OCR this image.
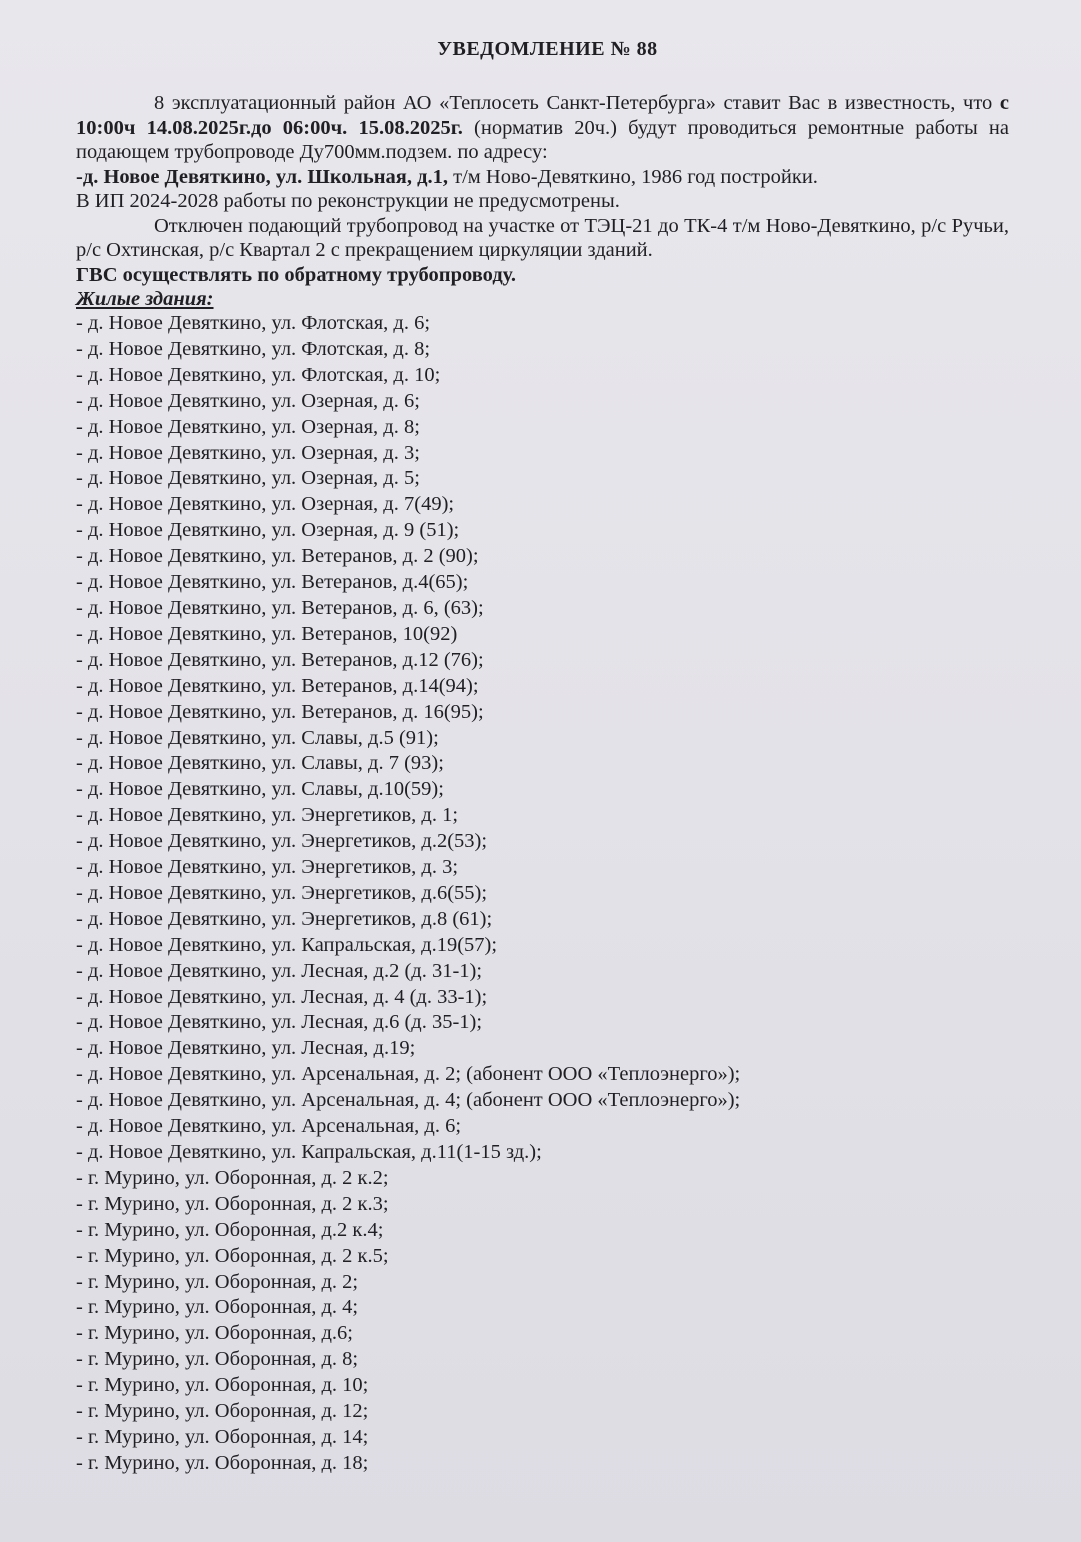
УВЕДОМЛЕНИЕ № 88

8 эксплуатационный район АО «Теплосеть Санкт-Петербурга» ставит Вас в известность, что с 10:00ч 14.08.2025г.до 06:00ч. 15.08.2025г. (норматив 20ч.) будут проводиться ремонтные работы на подающем трубопроводе Ду700мм.подзем. по адресу:
-д. Новое Девяткино, ул. Школьная, д.1, т/м Ново-Девяткино, 1986 год постройки.

В ИП 2024-2028 работы по реконструкции не предусмотрены.

Отключен подающий трубопровод на участке от ТЭЦ-21 до ТК-4 т/м Ново-Девяткино, р/с Ручьи, р/с Охтинская, р/с Квартал 2 с прекращением циркуляции зданий.

ГВС осуществлять по обратному трубопроводу.

Жилые здания:

- д. Новое Девяткино, ул. Флотская, д. 6;
- д. Новое Девяткино, ул. Флотская, д. 8;
- д. Новое Девяткино, ул. Флотская, д. 10;
- д. Новое Девяткино, ул. Озерная, д. 6;
- д. Новое Девяткино, ул. Озерная, д. 8;
- д. Новое Девяткино, ул. Озерная, д. 3;
- д. Новое Девяткино, ул. Озерная, д. 5;
- д. Новое Девяткино, ул. Озерная, д. 7(49);
- д. Новое Девяткино, ул. Озерная, д. 9 (51);
- д. Новое Девяткино, ул. Ветеранов, д. 2 (90);
- д. Новое Девяткино, ул. Ветеранов, д.4(65);
- д. Новое Девяткино, ул. Ветеранов, д. 6, (63);
- д. Новое Девяткино, ул. Ветеранов, 10(92)
- д. Новое Девяткино, ул. Ветеранов, д.12 (76);
- д. Новое Девяткино, ул. Ветеранов, д.14(94);
- д. Новое Девяткино, ул. Ветеранов, д. 16(95);
- д. Новое Девяткино, ул. Славы, д.5 (91);
- д. Новое Девяткино, ул. Славы, д. 7 (93);
- д. Новое Девяткино, ул. Славы, д.10(59);
- д. Новое Девяткино, ул. Энергетиков, д. 1;
- д. Новое Девяткино, ул. Энергетиков, д.2(53);
- д. Новое Девяткино, ул. Энергетиков, д. 3;
- д. Новое Девяткино, ул. Энергетиков, д.6(55);
- д. Новое Девяткино, ул. Энергетиков, д.8 (61);
- д. Новое Девяткино, ул. Капральская, д.19(57);
- д. Новое Девяткино, ул. Лесная, д.2 (д. 31-1);
- д. Новое Девяткино, ул. Лесная, д. 4 (д. 33-1);
- д. Новое Девяткино, ул. Лесная, д.6 (д. 35-1);
- д. Новое Девяткино, ул. Лесная, д.19;
- д. Новое Девяткино, ул. Арсенальная, д. 2; (абонент ООО «Теплоэнерго»);
- д. Новое Девяткино, ул. Арсенальная, д. 4; (абонент ООО «Теплоэнерго»);
- д. Новое Девяткино, ул. Арсенальная, д. 6;
- д. Новое Девяткино, ул. Капральская, д.11(1-15 зд.);
- г. Мурино, ул. Оборонная, д. 2 к.2;
- г. Мурино, ул. Оборонная, д. 2 к.3;
- г. Мурино, ул. Оборонная, д.2 к.4;
- г. Мурино, ул. Оборонная, д. 2 к.5;
- г. Мурино, ул. Оборонная, д. 2;
- г. Мурино, ул. Оборонная, д. 4;
- г. Мурино, ул. Оборонная, д.6;
- г. Мурино, ул. Оборонная, д. 8;
- г. Мурино, ул. Оборонная, д. 10;
- г. Мурино, ул. Оборонная, д. 12;
- г. Мурино, ул. Оборонная, д. 14;
- г. Мурино, ул. Оборонная, д. 18;
